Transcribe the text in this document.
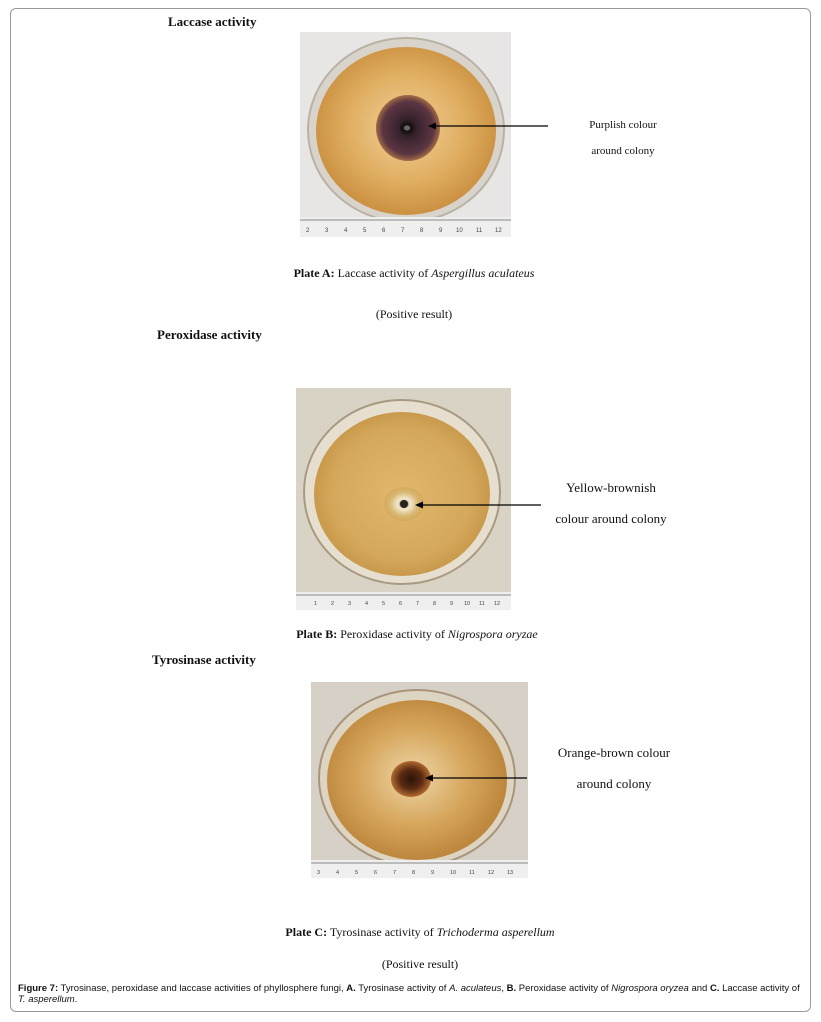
Laccase activity
2	3	4	5	6	7	8	9 10 11 12
Purplish colour
around colony
Plate A: Laccase activity of Aspergillus aculateus
(Positive result)
Peroxidase activity
1	2	3	4	5	6	7	8	9 10 11 12
Yellow-brownish
colour around colony
Plate B: Peroxidase activity of Nigrospora oryzae
Tyrosinase activity
3	4	5	6	7	8	9	10 11 12 13
Orange-brown colour
around colony
Plate C: Tyrosinase activity of Trichoderma asperellum
(Positive result)
Figure 7: Tyrosinase, peroxidase and laccase activities of phyllosphere fungi, A. Tyrosinase activity of A. aculateus, B. Peroxidase activity of Nigrospora oryzea and C. Laccase activity of T. asperellum.
